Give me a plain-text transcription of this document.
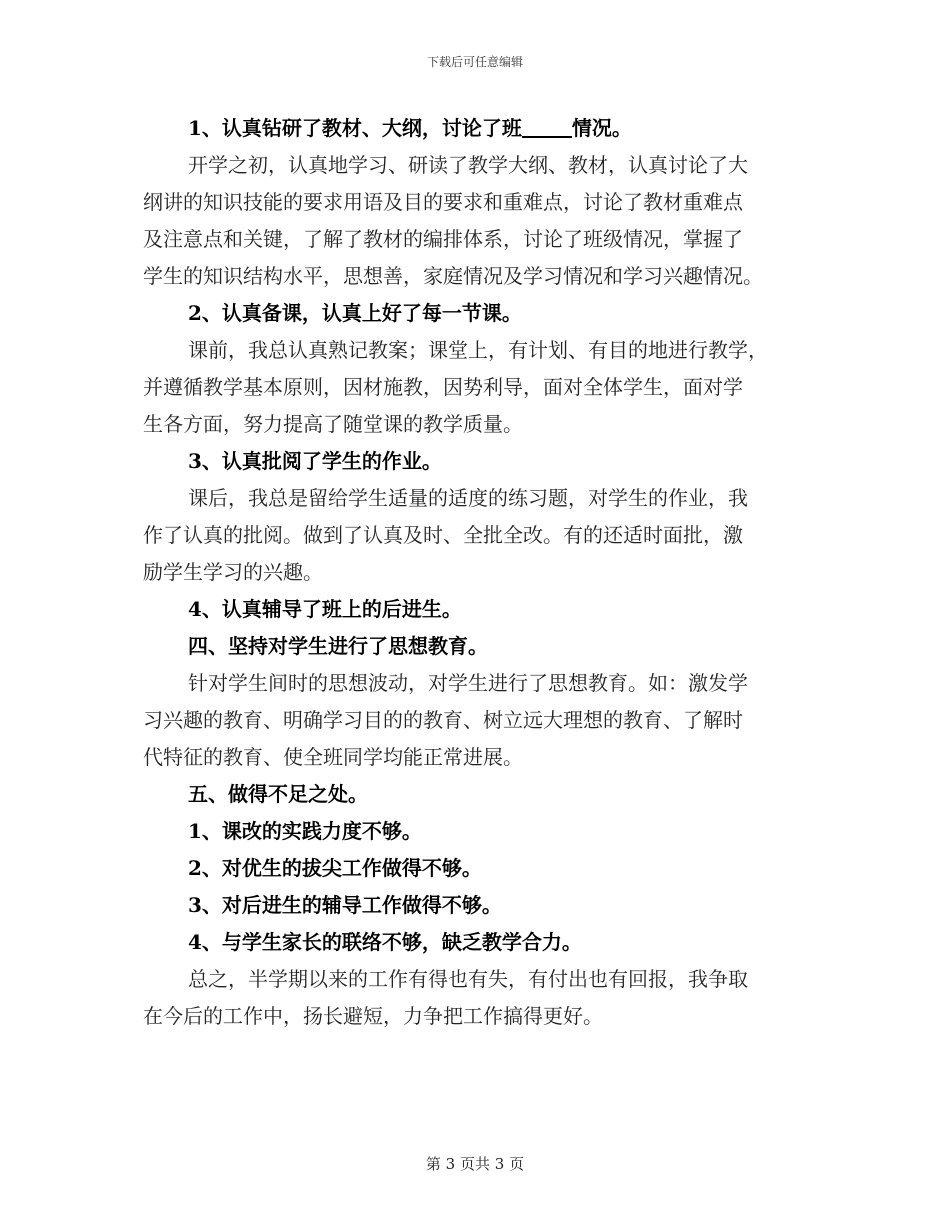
下载后可任意编辑
1、认真钻研了教材、大纲，讨论了班	情况。
开学之初，认真地学习、研读了教学大纲、教材，认真讨论了大
纲讲的知识技能的要求用语及目的要求和重难点，讨论了教材重难点
及注意点和关键，了解了教材的编排体系，讨论了班级情况，掌握了
学生的知识结构水平，思想善，家庭情况及学习情况和学习兴趣情况。
2、认真备课，认真上好了每一节课。
课前，我总认真熟记教案；课堂上，有计划、有目的地进行教学，
并遵循教学基本原则，因材施教，因势利导，面对全体学生，面对学
生各方面，努力提高了随堂课的教学质量。
3、认真批阅了学生的作业。
课后，我总是留给学生适量的适度的练习题，对学生的作业，我
作了认真的批阅。做到了认真及时、全批全改。有的还适时面批，激
励学生学习的兴趣。
4、认真辅导了班上的后进生。
四、坚持对学生进行了思想教育。
针对学生间时的思想波动，对学生进行了思想教育。如：激发学
习兴趣的教育、明确学习目的的教育、树立远大理想的教育、了解时
代特征的教育、使全班同学均能正常进展。
五、做得不足之处。
1、课改的实践力度不够。
2、对优生的拔尖工作做得不够。
3、对后进生的辅导工作做得不够。
4、与学生家长的联络不够，缺乏教学合力。
总之，半学期以来的工作有得也有失，有付出也有回报，我争取
在今后的工作中，扬长避短，力争把工作搞得更好。
第 3 页共 3 页
